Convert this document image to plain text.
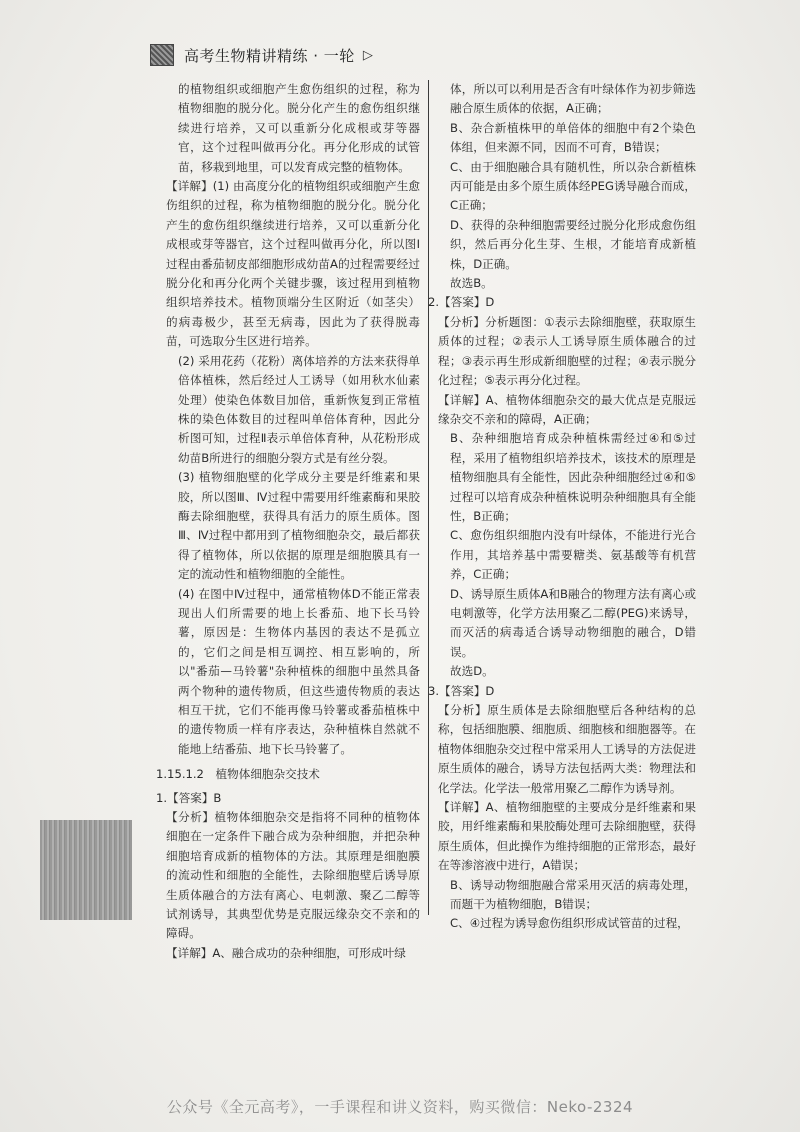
高考生物精讲精练 · 一轮 ▷

的植物组织或细胞产生愈伤组织的过程，称为植物细胞的脱分化。脱分化产生的愈伤组织继续进行培养，又可以重新分化成根或芽等器官，这个过程叫做再分化。再分化形成的试管苗，移栽到地里，可以发育成完整的植物体。

【详解】(1) 由高度分化的植物组织或细胞产生愈伤组织的过程，称为植物细胞的脱分化。脱分化产生的愈伤组织继续进行培养，又可以重新分化成根或芽等器官，这个过程叫做再分化，所以图Ⅰ过程由番茄韧皮部细胞形成幼苗A的过程需要经过脱分化和再分化两个关键步骤，该过程用到植物组织培养技术。植物顶端分生区附近（如茎尖）的病毒极少，甚至无病毒，因此为了获得脱毒苗，可选取分生区进行培养。

(2) 采用花药（花粉）离体培养的方法来获得单倍体植株，然后经过人工诱导（如用秋水仙素处理）使染色体数目加倍，重新恢复到正常植株的染色体数目的过程叫单倍体育种，因此分析图可知，过程Ⅱ表示单倍体育种，从花粉形成幼苗B所进行的细胞分裂方式是有丝分裂。

(3) 植物细胞壁的化学成分主要是纤维素和果胶，所以图Ⅲ、Ⅳ过程中需要用纤维素酶和果胶酶去除细胞壁，获得具有活力的原生质体。图Ⅲ、Ⅳ过程中都用到了植物细胞杂交，最后都获得了植物体，所以依据的原理是细胞膜具有一定的流动性和植物细胞的全能性。

(4) 在图中Ⅳ过程中，通常植物体D不能正常表现出人们所需要的地上长番茄、地下长马铃薯，原因是：生物体内基因的表达不是孤立的，它们之间是相互调控、相互影响的，所以"番茄—马铃薯"杂种植株的细胞中虽然具备两个物种的遗传物质，但这些遗传物质的表达相互干扰，它们不能再像马铃薯或番茄植株中的遗传物质一样有序表达，杂种植株自然就不能地上结番茄、地下长马铃薯了。

1.15.1.2　植物体细胞杂交技术

1.【答案】B

【分析】植物体细胞杂交是指将不同种的植物体细胞在一定条件下融合成为杂种细胞，并把杂种细胞培育成新的植物体的方法。其原理是细胞膜的流动性和细胞的全能性，去除细胞壁后诱导原生质体融合的方法有离心、电刺激、聚乙二醇等试剂诱导，其典型优势是克服远缘杂交不亲和的障碍。

【详解】A、融合成功的杂种细胞，可形成叶绿

体，所以可以利用是否含有叶绿体作为初步筛选融合原生质体的依据，A正确；

B、杂合新植株甲的单倍体的细胞中有2个染色体组，但来源不同，因而不可育，B错误；

C、由于细胞融合具有随机性，所以杂合新植株丙可能是由多个原生质体经PEG诱导融合而成，C正确；

D、获得的杂种细胞需要经过脱分化形成愈伤组织，然后再分化生芽、生根，才能培育成新植株，D正确。

故选B。

2.【答案】D

【分析】分析题图：①表示去除细胞壁，获取原生质体的过程；②表示人工诱导原生质体融合的过程；③表示再生形成新细胞壁的过程；④表示脱分化过程；⑤表示再分化过程。

【详解】A、植物体细胞杂交的最大优点是克服远缘杂交不亲和的障碍，A正确；

B、杂种细胞培育成杂种植株需经过④和⑤过程，采用了植物组织培养技术，该技术的原理是植物细胞具有全能性，因此杂种细胞经过④和⑤过程可以培育成杂种植株说明杂种细胞具有全能性，B正确；

C、愈伤组织细胞内没有叶绿体，不能进行光合作用，其培养基中需要糖类、氨基酸等有机营养，C正确；

D、诱导原生质体A和B融合的物理方法有离心或电刺激等，化学方法用聚乙二醇(PEG)来诱导，而灭活的病毒适合诱导动物细胞的融合，D错误。

故选D。

3.【答案】D

【分析】原生质体是去除细胞壁后各种结构的总称，包括细胞膜、细胞质、细胞核和细胞器等。在植物体细胞杂交过程中常采用人工诱导的方法促进原生质体的融合，诱导方法包括两大类：物理法和化学法。化学法一般常用聚乙二醇作为诱导剂。

【详解】A、植物细胞壁的主要成分是纤维素和果胶，用纤维素酶和果胶酶处理可去除细胞壁，获得原生质体，但此操作为维持细胞的正常形态，最好在等渗溶液中进行，A错误；

B、诱导动物细胞融合常采用灭活的病毒处理，而题干为植物细胞，B错误；

C、④过程为诱导愈伤组织形成试管苗的过程，

公众号《全元高考》，一手课程和讲义资料，购买微信：Neko-2324
